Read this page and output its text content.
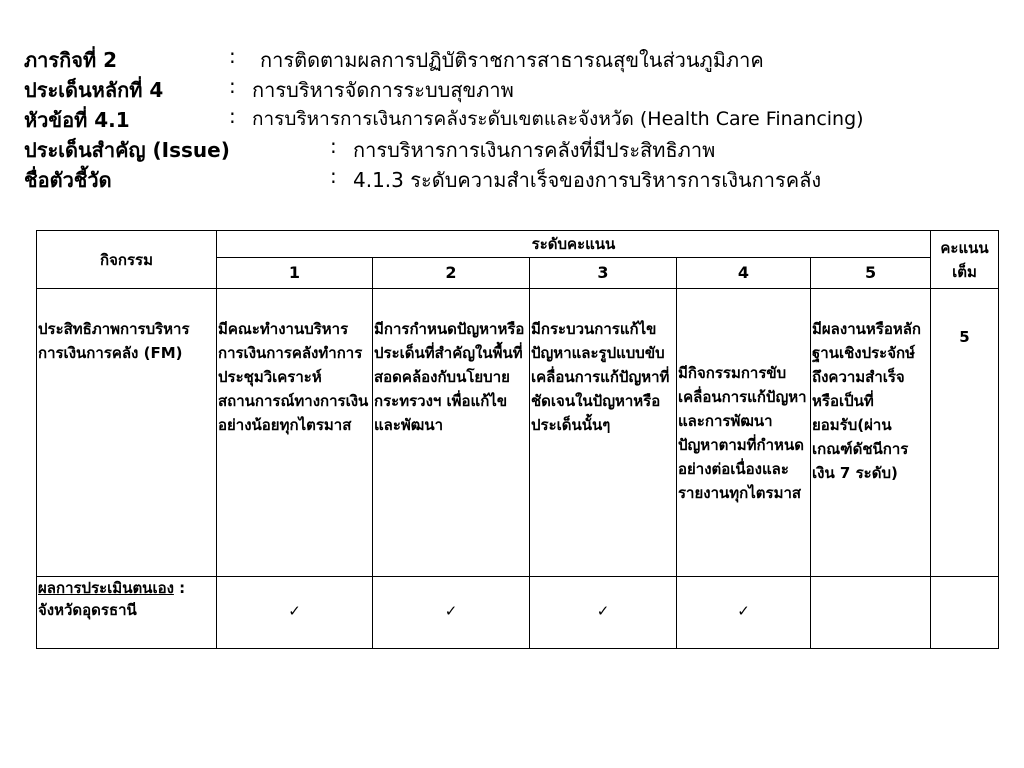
ภารกิจที่ 2	: การติดตามผลการปฏิบัติราชการสาธารณสุขในส่วนภูมิภาค
ประเด็นหลักที่ 4	: การบริหารจัดการระบบสุขภาพ
หัวข้อที่ 4.1	: การบริหารการเงินการคลังระดับเขตและจังหวัด (Health Care Financing)
ประเด็นสำคัญ (Issue)	: การบริหารการเงินการคลังที่มีประสิทธิภาพ
ชื่อตัวชี้วัด	: 4.1.3 ระดับความสำเร็จของการบริหารการเงินการคลัง
กิจกรรม	ระดับคะแนน					คะแนนเต็ม
	1	2	3	4	5	
ประสิทธิภาพการบริหารการเงินการคลัง (FM)	มีคณะทำงานบริหารการเงินการคลังทำการประชุมวิเคราะห์สถานการณ์ทางการเงินอย่างน้อยทุกไตรมาส	มีการกำหนดปัญหาหรือประเด็นที่สำคัญในพื้นที่สอดคล้องกับนโยบายกระทรวงฯ เพื่อแก้ไขและพัฒนา	มีกระบวนการแก้ไขปัญหาและรูปแบบขับเคลื่อนการแก้ปัญหาที่ชัดเจนในปัญหาหรือประเด็นนั้นๆ	มีกิจกรรมการขับเคลื่อนการแก้ปัญหาและการพัฒนาปัญหาตามที่กำหนดอย่างต่อเนื่องและรายงานทุกไตรมาส	มีผลงานหรือหลักฐานเชิงประจักษ์ถึงความสำเร็จหรือเป็นที่ยอมรับ(ผ่านเกณฑ์ดัชนีการเงิน 7 ระดับ)	5
ผลการประเมินตนเอง : จังหวัดอุดรธานี	✓	✓	✓	✓		
